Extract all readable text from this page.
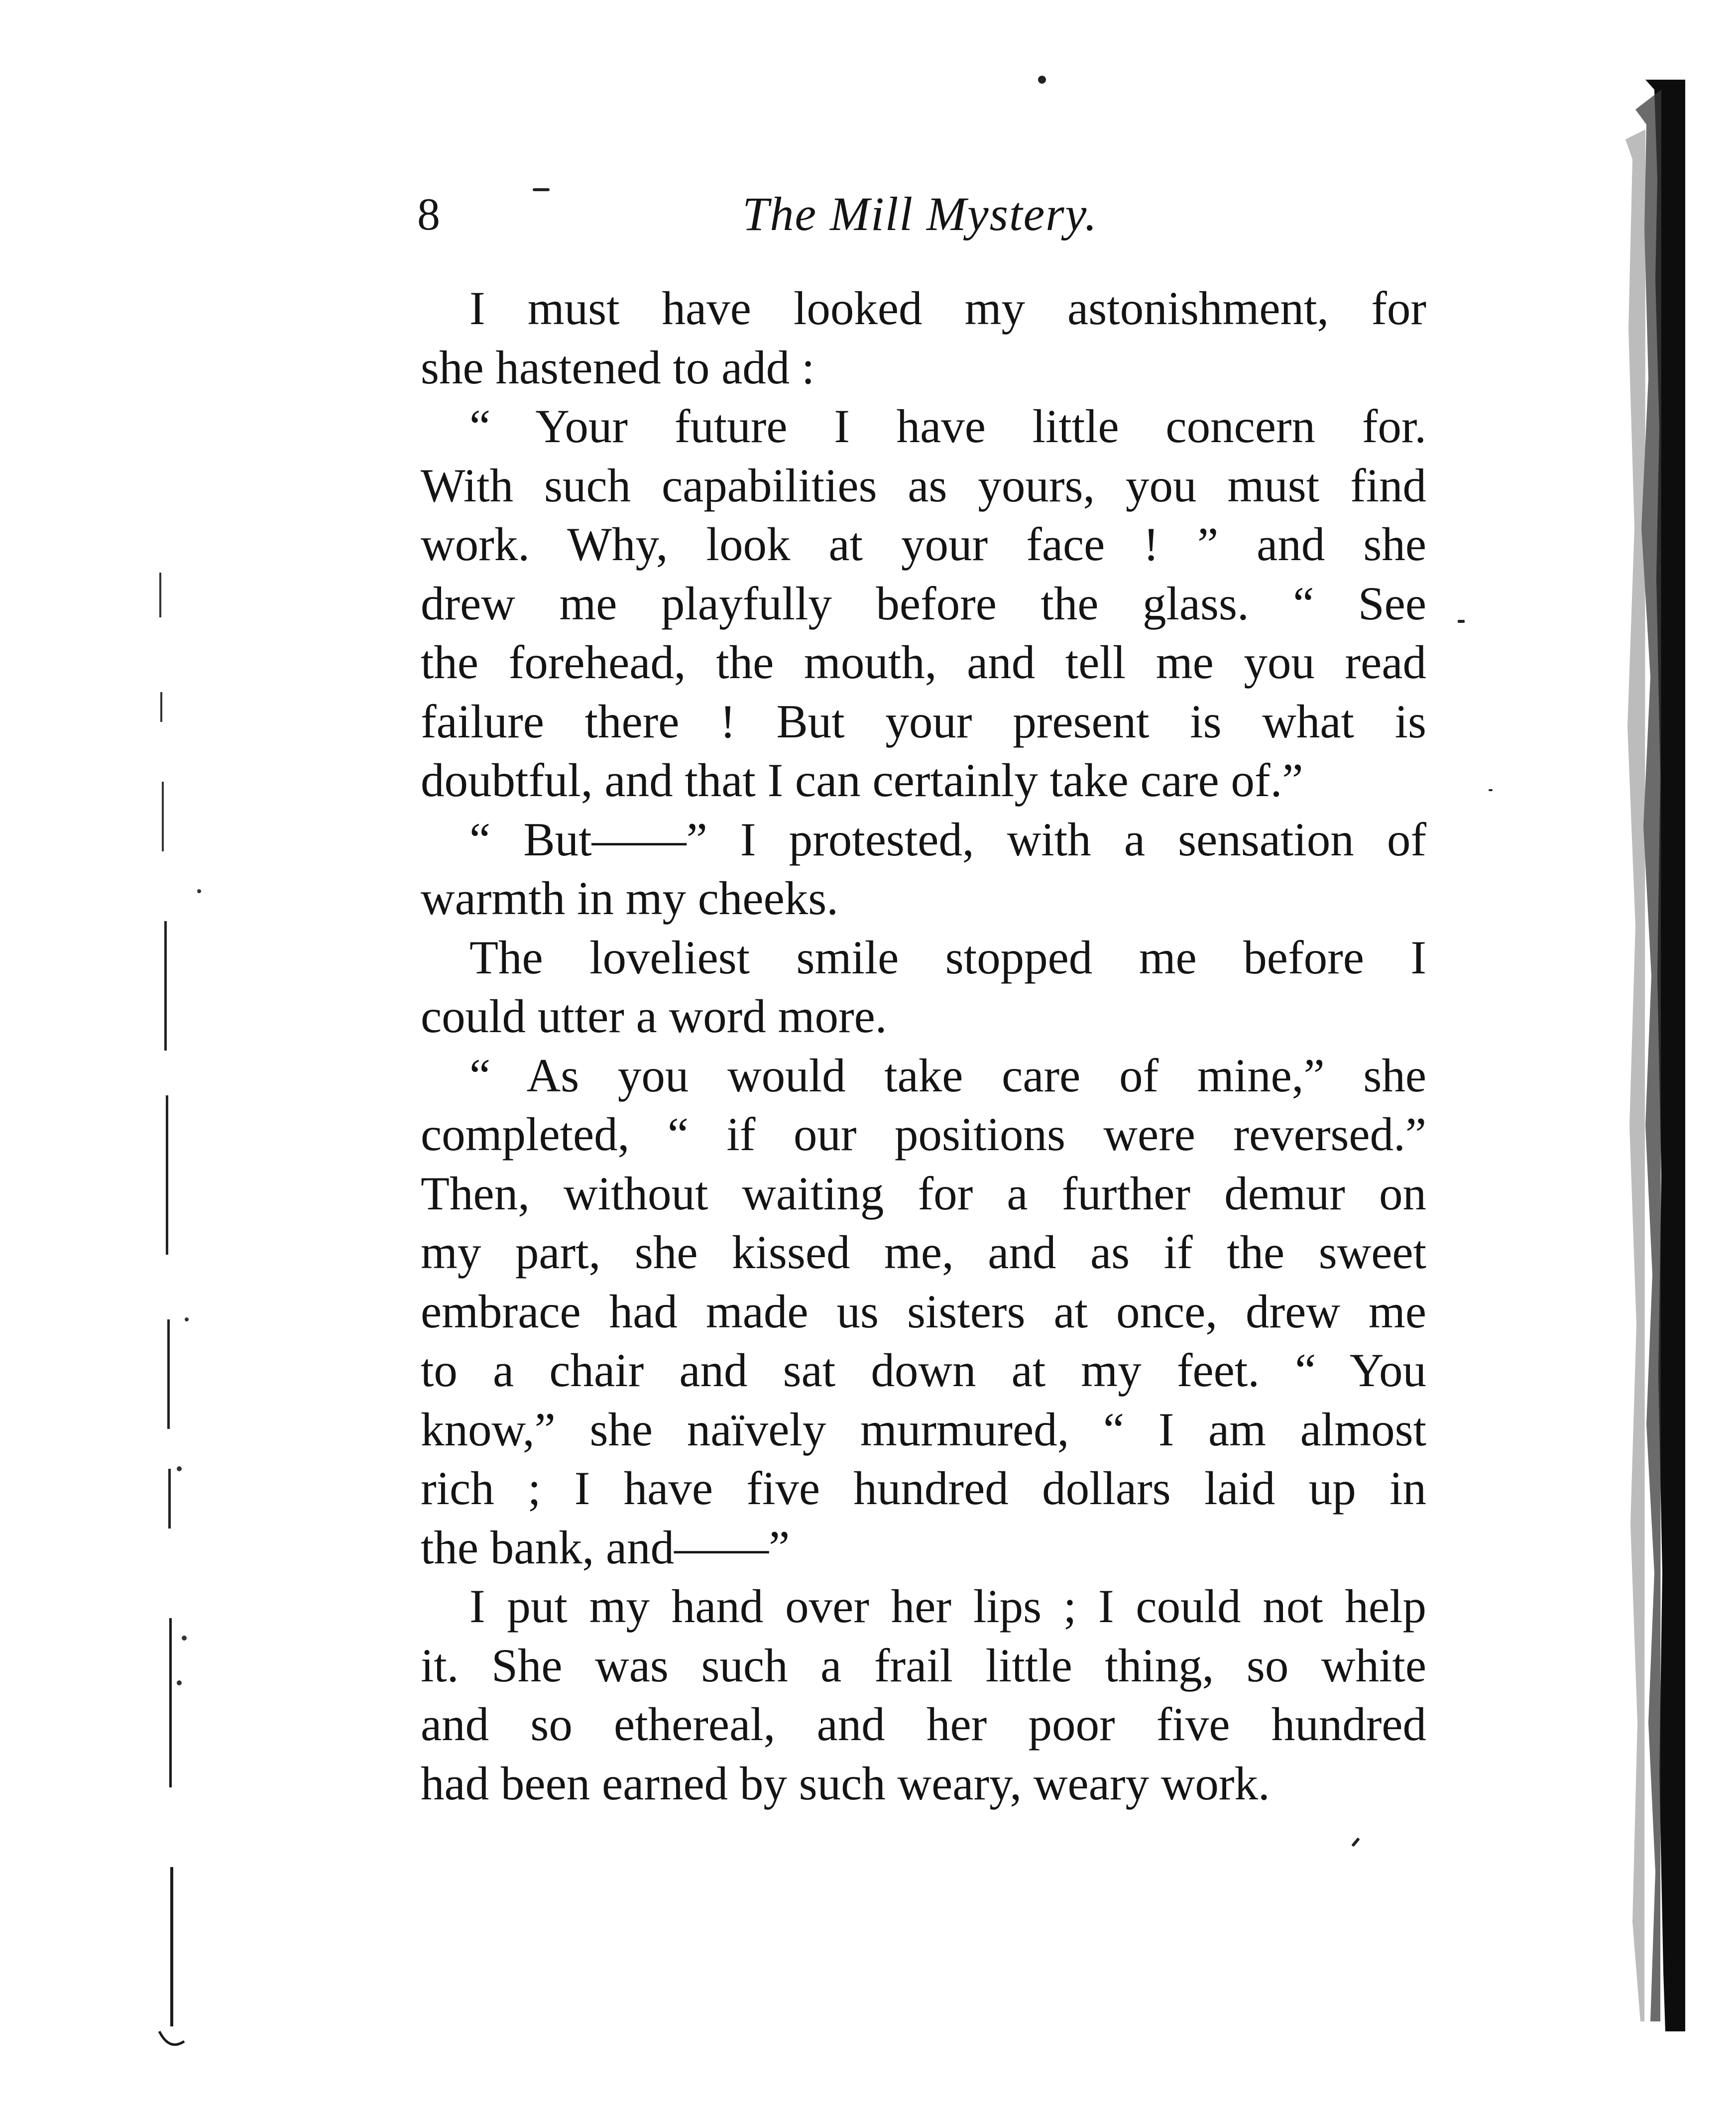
8	The Mill Mystery.
I must have looked my astonishment, for
she hastened to add :
“ Your future I have little concern for.
With such capabilities as yours, you must find
work. Why, look at your face ! ” and she
drew me playfully before the glass. “ See
the forehead, the mouth, and tell me you read
failure there ! But your present is what is
doubtful, and that I can certainly take care of.”
“ But——” I protested, with a sensation of
warmth in my cheeks.
The loveliest smile stopped me before I
could utter a word more.
“ As you would take care of mine,” she
completed, “ if our positions were reversed.”
Then, without waiting for a further demur on
my part, she kissed me, and as if the sweet
embrace had made us sisters at once, drew me
to a chair and sat down at my feet. “ You
know,” she naïvely murmured, “ I am almost
rich ; I have five hundred dollars laid up in
the bank, and——”
I put my hand over her lips ; I could not help
it. She was such a frail little thing, so white
and so ethereal, and her poor five hundred
had been earned by such weary, weary work.
